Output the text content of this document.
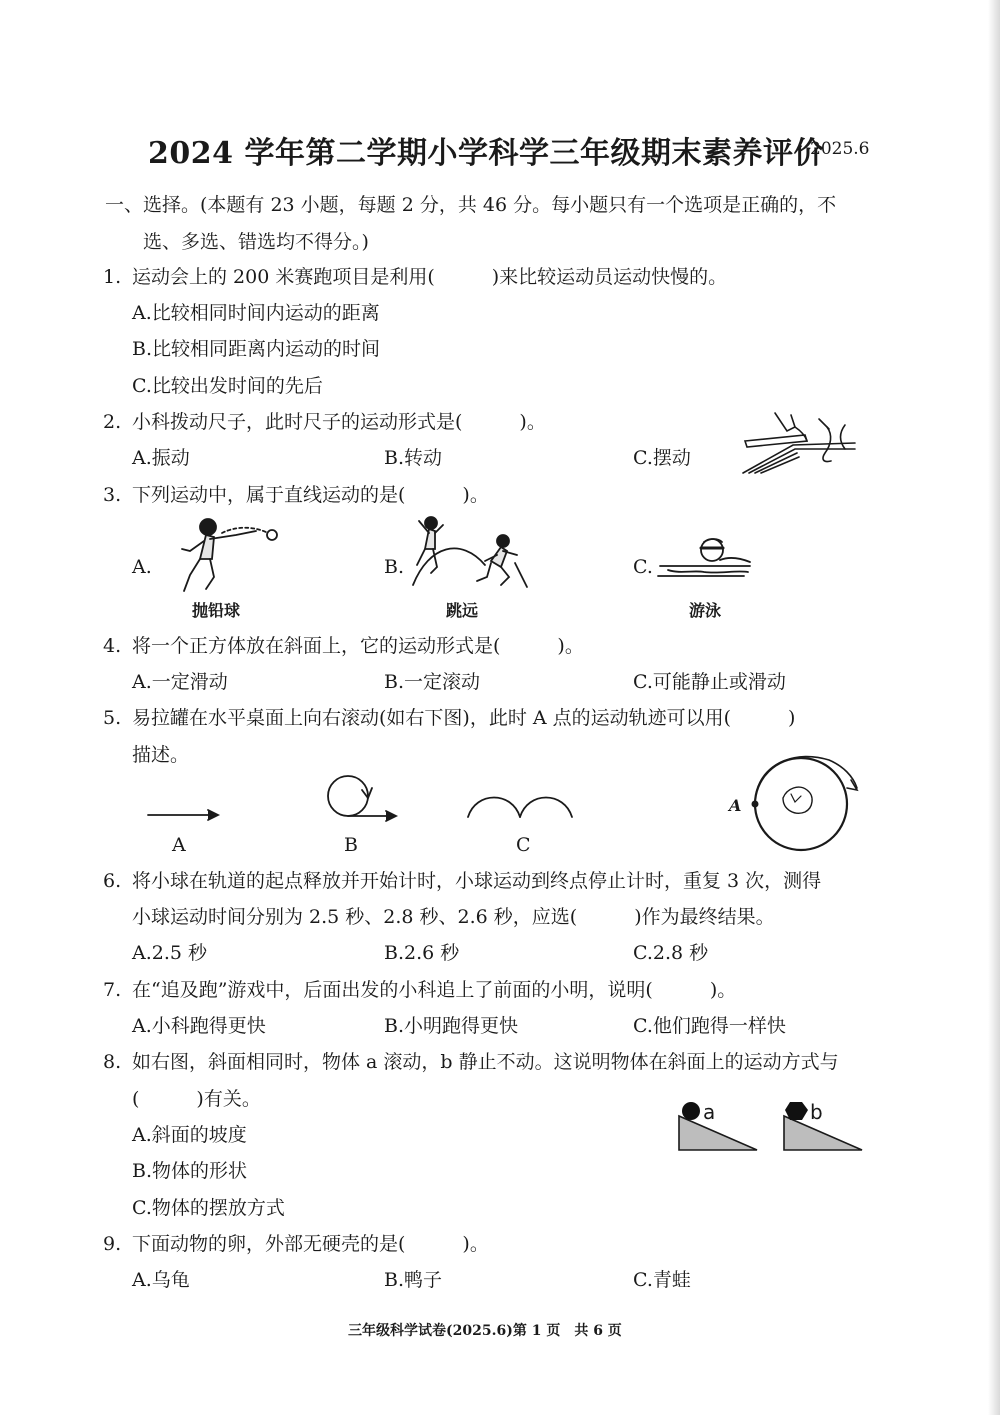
2024 学年第二学期小学科学三年级期末素养评价
2025.6
一、选择。(本题有 23 小题，每题 2 分，共 46 分。每小题只有一个选项是正确的，不
选、多选、错选均不得分。)
1. 运动会上的 200 米赛跑项目是利用(　　　)来比较运动员运动快慢的。
A.比较相同时间内运动的距离
B.比较相同距离内运动的时间
C.比较出发时间的先后
2. 小科拨动尺子，此时尺子的运动形式是(　　　)。
A.振动	B.转动	C.摆动
3. 下列运动中，属于直线运动的是(　　　)。
A.	B.	C.
抛铅球	跳远	游泳
4. 将一个正方体放在斜面上，它的运动形式是(　　　)。
A.一定滑动	B.一定滚动	C.可能静止或滑动
5. 易拉罐在水平桌面上向右滚动(如右下图)，此时 A 点的运动轨迹可以用(　　　)
描述。
A	B	C
A
6. 将小球在轨道的起点释放并开始计时，小球运动到终点停止计时，重复 3 次，测得
小球运动时间分别为 2.5 秒、2.8 秒、2.6 秒，应选(　　　)作为最终结果。
A.2.5 秒	B.2.6 秒	C.2.8 秒
7. 在“追及跑”游戏中，后面出发的小科追上了前面的小明，说明(　　　)。
A.小科跑得更快	B.小明跑得更快	C.他们跑得一样快
8. 如右图，斜面相同时，物体 a 滚动，b 静止不动。这说明物体在斜面上的运动方式与
(　　　)有关。
A.斜面的坡度
B.物体的形状
C.物体的摆放方式
a	b
9. 下面动物的卵，外部无硬壳的是(　　　)。
A.乌龟	B.鸭子	C.青蛙
三年级科学试卷(2025.6)第 1 页　共 6 页
